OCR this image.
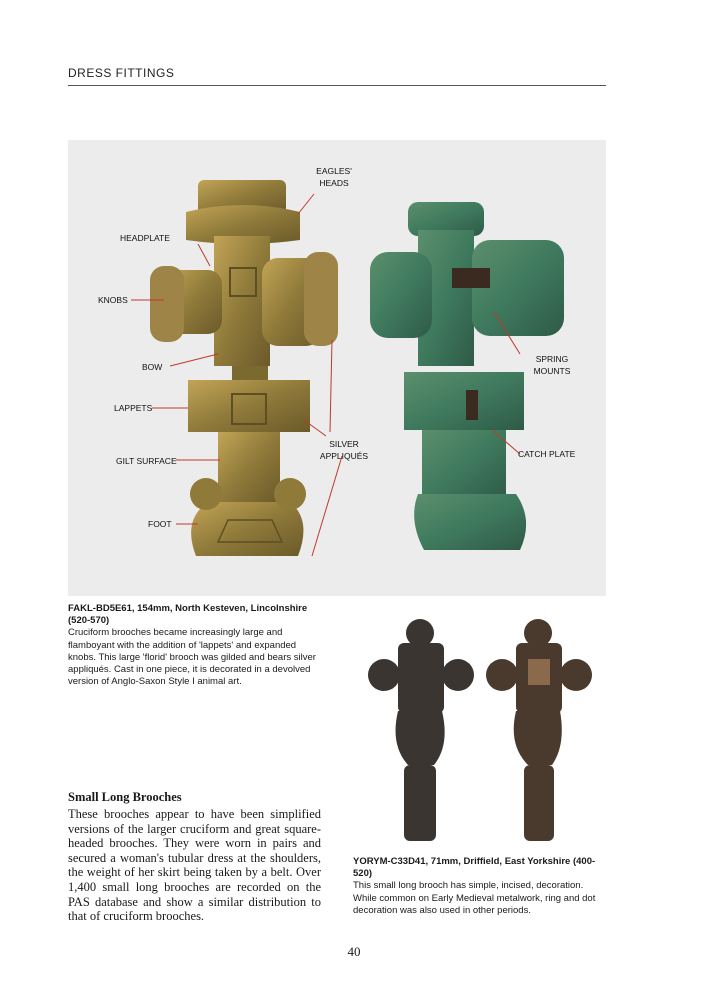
DRESS FITTINGS
EAGLES'
HEADS
HEADPLATE
KNOBS
BOW
LAPPETS
GILT SURFACE
FOOT
SILVER
APPLIQUÉS
SPRING
MOUNTS
CATCH PLATE
FAKL-BD5E61, 154mm, North Kesteven, Lincolnshire (520-570)
Cruciform brooches became increasingly large and flamboyant with the addition of 'lappets' and expanded knobs. This large 'florid' brooch was gilded and bears silver appliqués. Cast in one piece, it is decorated in a devolved version of Anglo-Saxon Style I animal art.
YORYM-C33D41, 71mm, Driffield, East Yorkshire (400-520)
This small long brooch has simple, incised, decoration. While common on Early Medieval metalwork, ring and dot decoration was also used in other periods.
Small Long Brooches

These brooches appear to have been simplified versions of the larger cruciform and great square-headed brooches. They were worn in pairs and secured a woman's tubular dress at the shoulders, the weight of her skirt being taken by a belt. Over 1,400 small long brooches are recorded on the PAS database and show a similar distribution to that of cruciform brooches.

40
